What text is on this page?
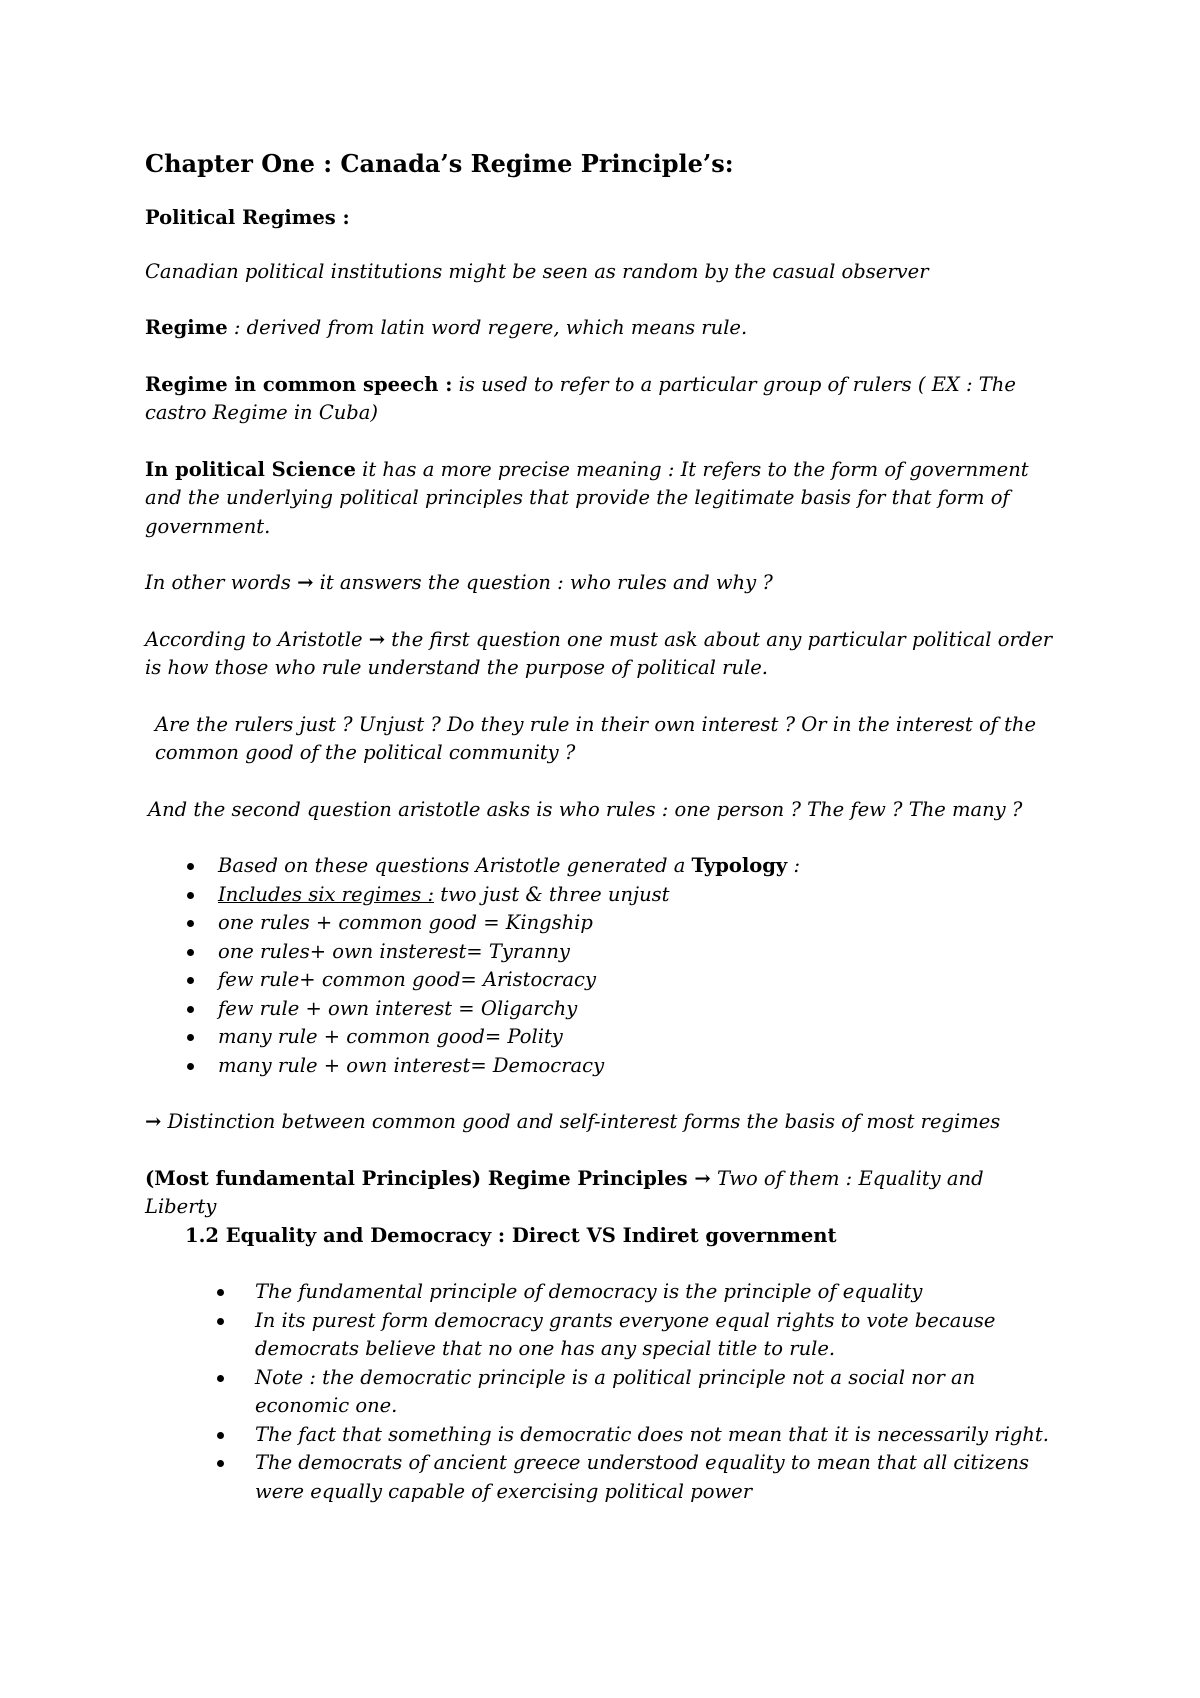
Chapter One : Canada’s Regime Principle’s:

Political Regimes :

Canadian political institutions might be seen as random by the casual observer

Regime : derived from latin word regere, which means rule.

Regime in common speech : is used to refer to a particular group of rulers ( EX : The castro Regime in Cuba)

In political Science it has a more precise meaning : It refers to the form of government and the underlying political principles that provide the legitimate basis for that form of government.

In other words → it answers the question : who rules and why ?

According to Aristotle → the first question one must ask about any particular political order is how those who rule understand the purpose of political rule.

Are the rulers just ? Unjust ? Do they rule in their own interest ? Or in the interest of the common good of the political community ?

And the second question aristotle asks is who rules : one person ? The few ? The many ?

Based on these questions Aristotle generated a Typology :
Includes six regimes : two just & three unjust
one rules + common good = Kingship
one rules+ own insterest= Tyranny
few rule+ common good= Aristocracy
few rule + own interest = Oligarchy
many rule + common good= Polity
many rule + own interest= Democracy

→ Distinction between common good and self-interest forms the basis of most regimes

(Most fundamental Principles) Regime Principles → Two of them : Equality and Liberty

1.2 Equality and Democracy : Direct VS Indiret government

The fundamental principle of democracy is the principle of equality
In its purest form democracy grants everyone equal rights to vote because democrats believe that no one has any special title to rule.
Note : the democratic principle is a political principle not a social nor an economic one.
The fact that something is democratic does not mean that it is necessarily right.
The democrats of ancient greece understood equality to mean that all citizens were equally capable of exercising political power
